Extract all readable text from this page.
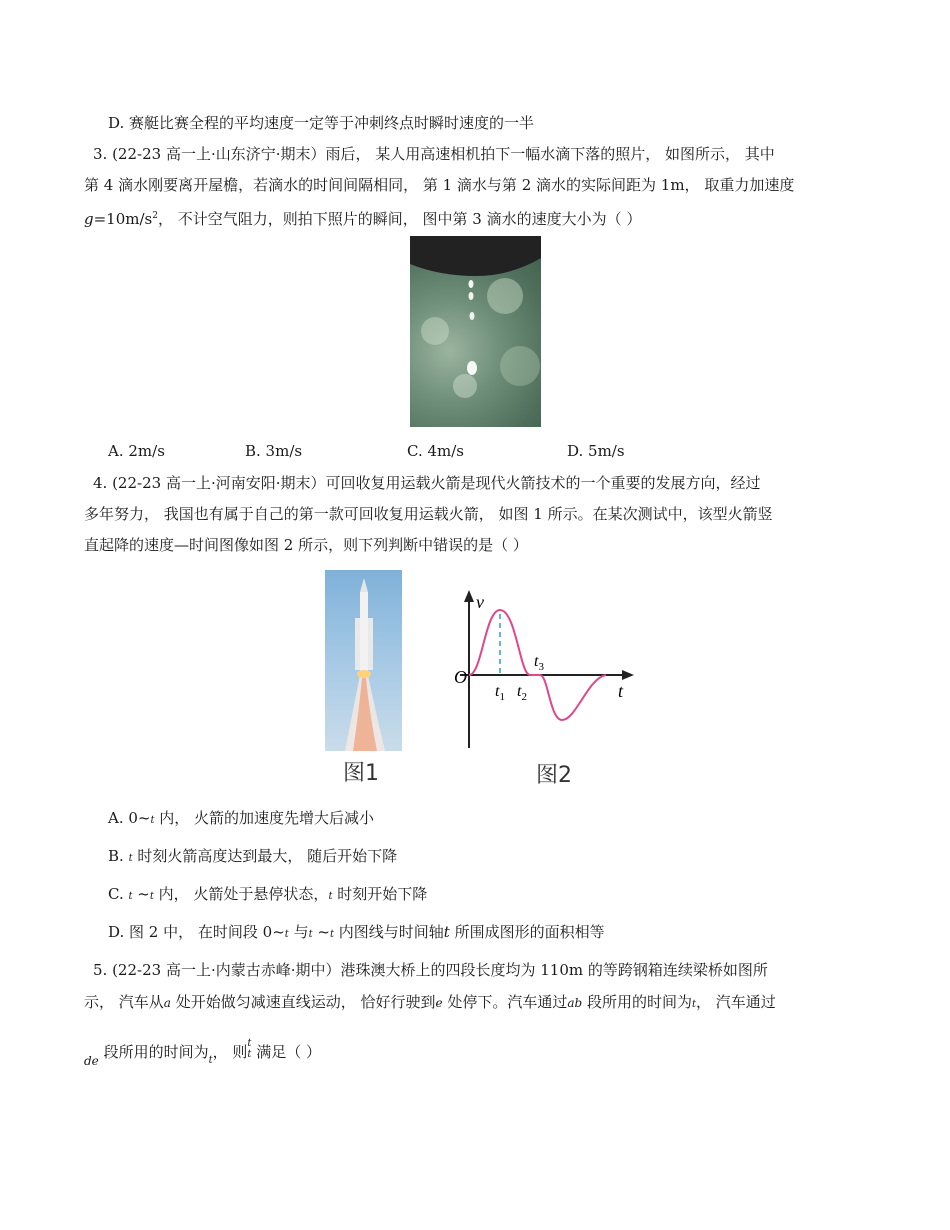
D. 赛艇比赛全程的平均速度一定等于冲刺终点时瞬时速度的一半
3. (22-23 高一上·山东济宁·期末）雨后， 某人用高速相机拍下一幅水滴下落的照片， 如图所示， 其中
第 4 滴水刚要离开屋檐，若滴水的时间间隔相同， 第 1 滴水与第 2 滴水的实际间距为 1m， 取重力加速度
$g=10m/s^2$， 不计空气阻力，则拍下照片的瞬间， 图中第 3 滴水的速度大小为（ ）
A. 2m/s	B. 3m/s	C. 4m/s	D. 5m/s
4. (22-23 高一上·河南安阳·期末）可回收复用运载火箭是现代火箭技术的一个重要的发展方向，经过
多年努力， 我国也有属于自己的第一款可回收复用运载火箭， 如图 1 所示。在某次测试中，该型火箭竖
直起降的速度—时间图像如图 2 所示，则下列判断中错误的是（ ）
图1
v
t
O
$t_1$ $t_2$
$t_3$
图2
A. 0~t 内， 火箭的加速度先增大后减小
B. t 时刻火箭高度达到最大， 随后开始下降
C. t ~t 内， 火箭处于悬停状态，t 时刻开始下降
D. 图 2 中， 在时间段 0~t 与t ~t 内图线与时间轴t 所围成图形的面积相等
5. (22-23 高一上·内蒙古赤峰·期中）港珠澳大桥上的四段长度均为 110m 的等跨钢箱连续梁桥如图所
示， 汽车从a 处开始做匀减速直线运动， 恰好行驶到e 处停下。汽车通过ab 段所用的时间为t， 汽车通过
$_{de}$ 段所用的时间为$_t$， 则 t
t 满足（ ）
